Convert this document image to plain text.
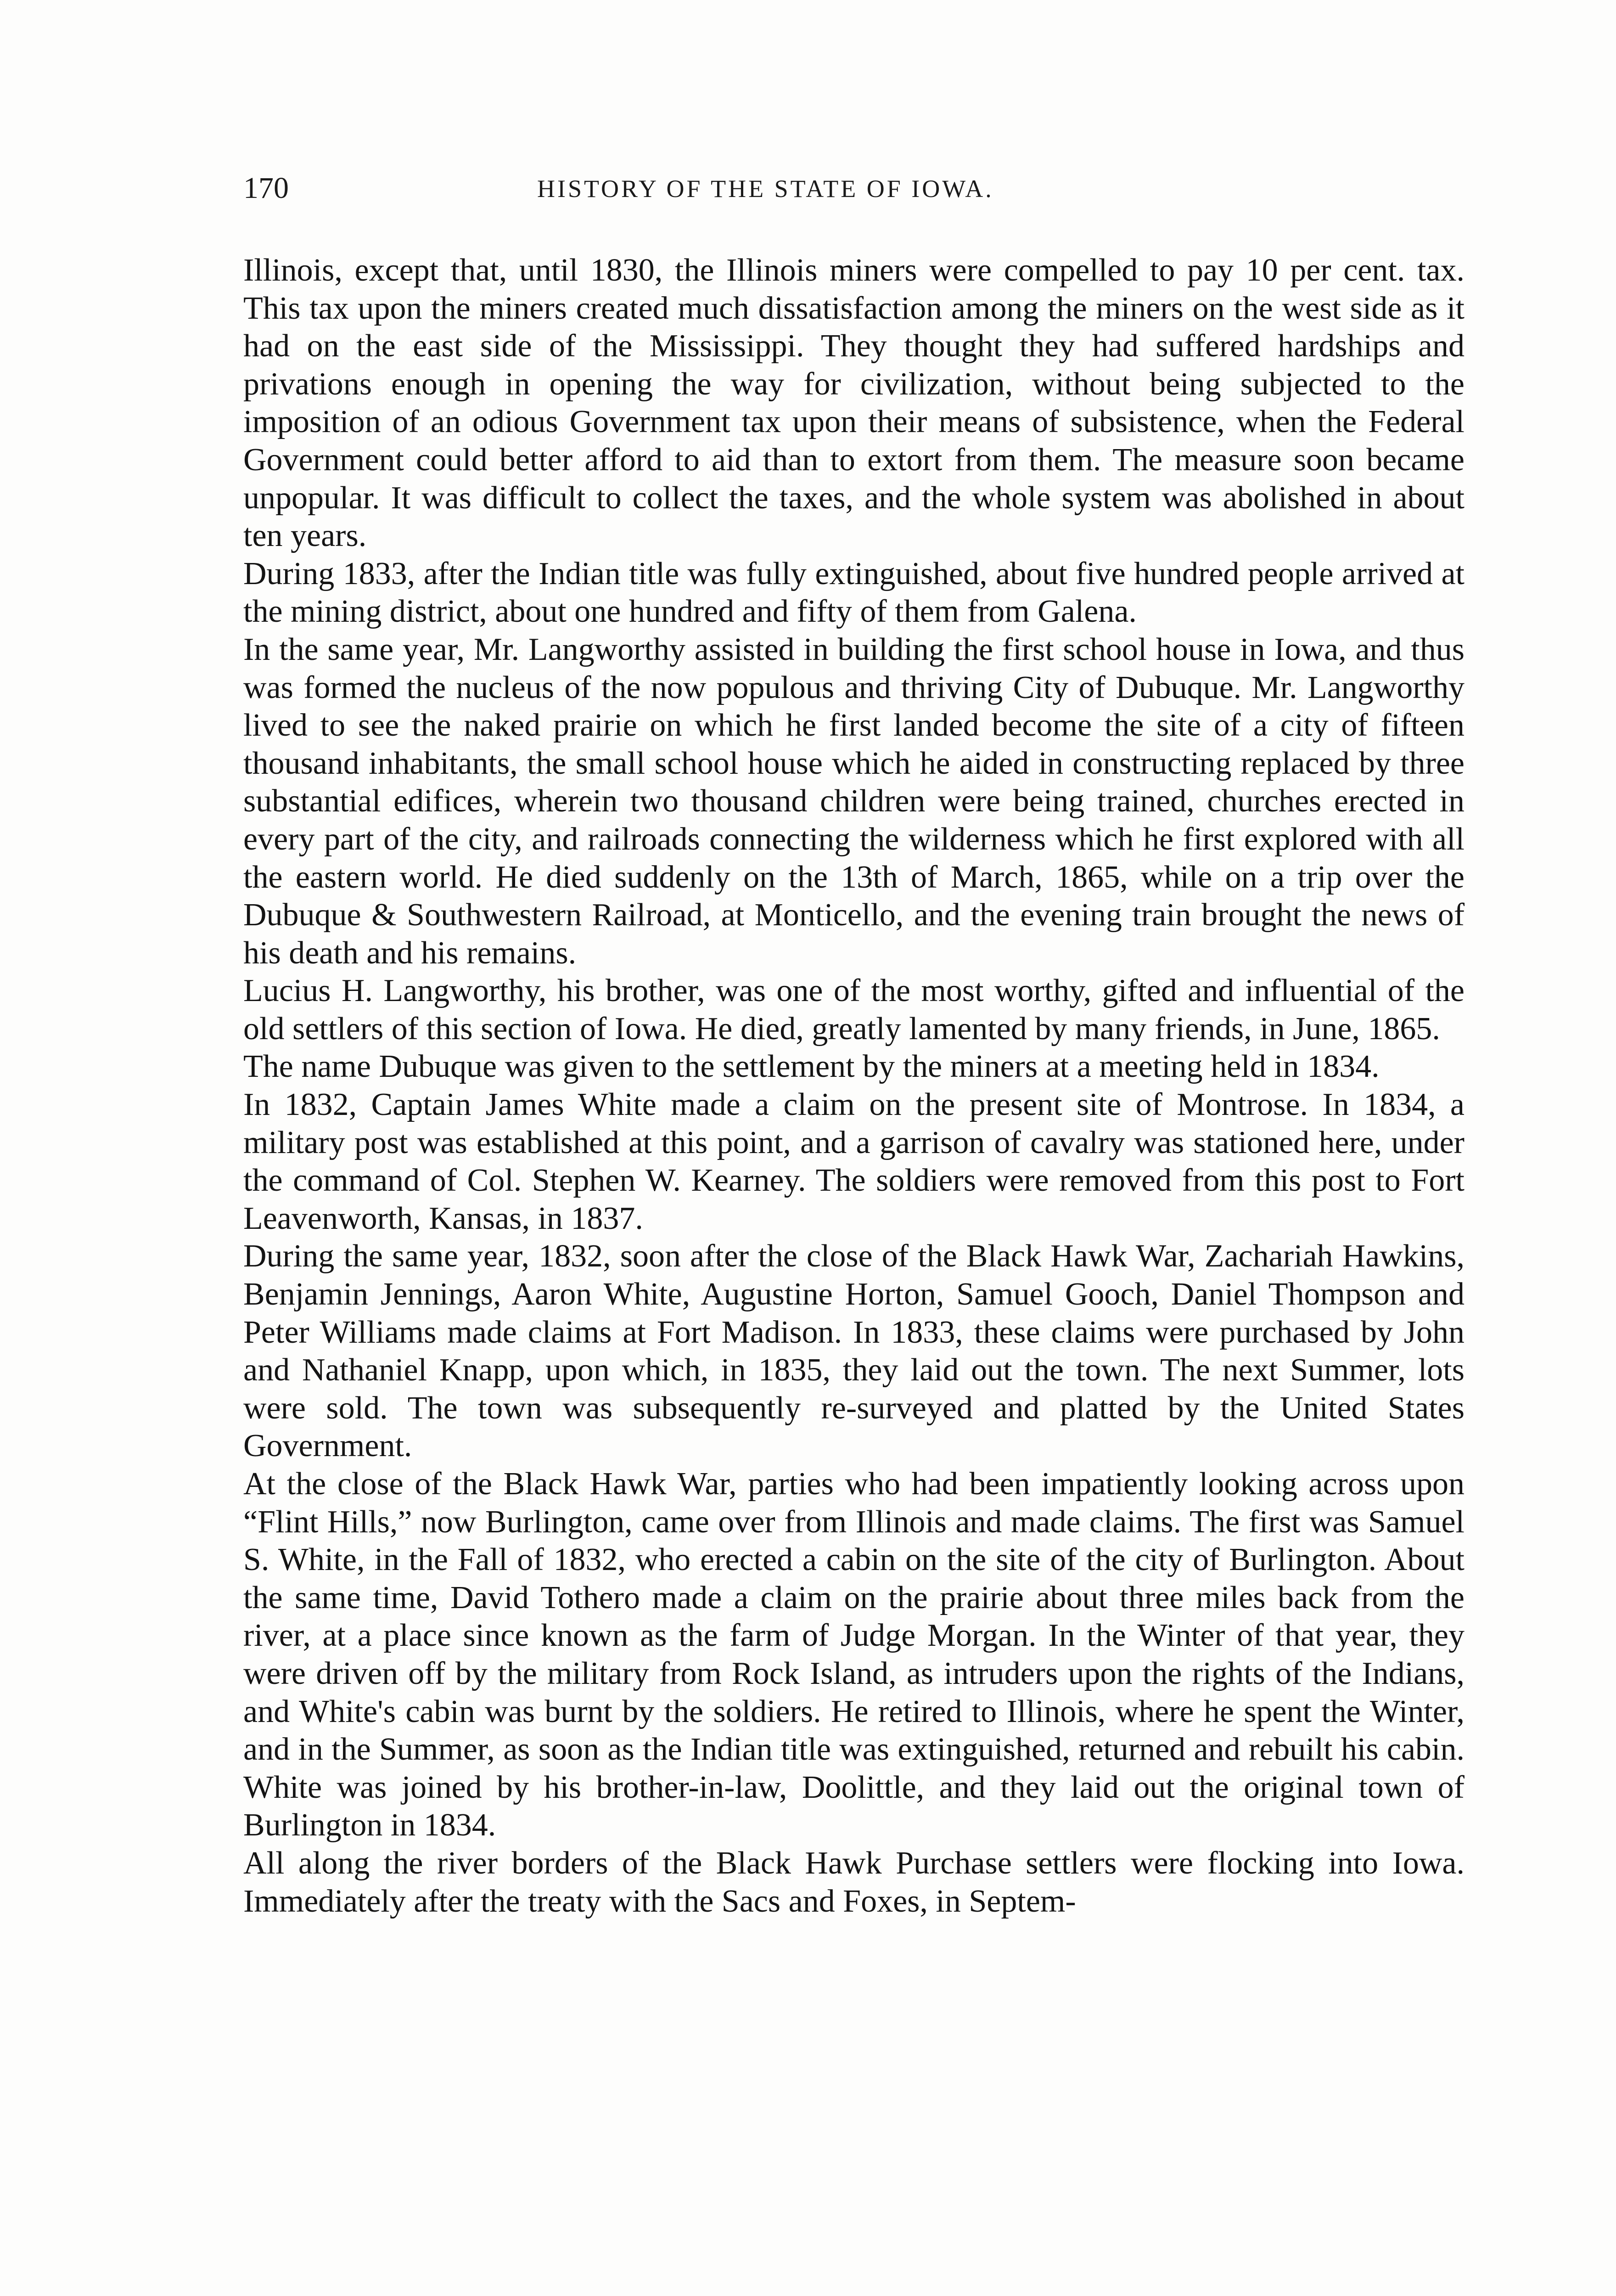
170	HISTORY OF THE STATE OF IOWA.

Illinois, except that, until 1830, the Illinois miners were compelled to pay 10 per cent. tax. This tax upon the miners created much dissatisfaction among the miners on the west side as it had on the east side of the Mississippi. They thought they had suffered hardships and privations enough in opening the way for civilization, without being subjected to the imposition of an odious Government tax upon their means of subsistence, when the Federal Government could better afford to aid than to extort from them. The measure soon became unpopular. It was difficult to collect the taxes, and the whole system was abolished in about ten years.

During 1833, after the Indian title was fully extinguished, about five hundred people arrived at the mining district, about one hundred and fifty of them from Galena.

In the same year, Mr. Langworthy assisted in building the first school house in Iowa, and thus was formed the nucleus of the now populous and thriving City of Dubuque. Mr. Langworthy lived to see the naked prairie on which he first landed become the site of a city of fifteen thousand inhabitants, the small school house which he aided in constructing replaced by three substantial edifices, wherein two thousand children were being trained, churches erected in every part of the city, and railroads connecting the wilderness which he first explored with all the eastern world. He died suddenly on the 13th of March, 1865, while on a trip over the Dubuque & Southwestern Railroad, at Monticello, and the evening train brought the news of his death and his remains.

Lucius H. Langworthy, his brother, was one of the most worthy, gifted and influential of the old settlers of this section of Iowa. He died, greatly lamented by many friends, in June, 1865.

The name Dubuque was given to the settlement by the miners at a meeting held in 1834.

In 1832, Captain James White made a claim on the present site of Montrose. In 1834, a military post was established at this point, and a garrison of cavalry was stationed here, under the command of Col. Stephen W. Kearney. The soldiers were removed from this post to Fort Leavenworth, Kansas, in 1837.

During the same year, 1832, soon after the close of the Black Hawk War, Zachariah Hawkins, Benjamin Jennings, Aaron White, Augustine Horton, Samuel Gooch, Daniel Thompson and Peter Williams made claims at Fort Madison. In 1833, these claims were purchased by John and Nathaniel Knapp, upon which, in 1835, they laid out the town. The next Summer, lots were sold. The town was subsequently re-surveyed and platted by the United States Government.

At the close of the Black Hawk War, parties who had been impatiently looking across upon “Flint Hills,” now Burlington, came over from Illinois and made claims. The first was Samuel S. White, in the Fall of 1832, who erected a cabin on the site of the city of Burlington. About the same time, David Tothero made a claim on the prairie about three miles back from the river, at a place since known as the farm of Judge Morgan. In the Winter of that year, they were driven off by the military from Rock Island, as intruders upon the rights of the Indians, and White's cabin was burnt by the soldiers. He retired to Illinois, where he spent the Winter, and in the Summer, as soon as the Indian title was extinguished, returned and rebuilt his cabin. White was joined by his brother-in-law, Doolittle, and they laid out the original town of Burlington in 1834.

All along the river borders of the Black Hawk Purchase settlers were flocking into Iowa. Immediately after the treaty with the Sacs and Foxes, in Septem-
